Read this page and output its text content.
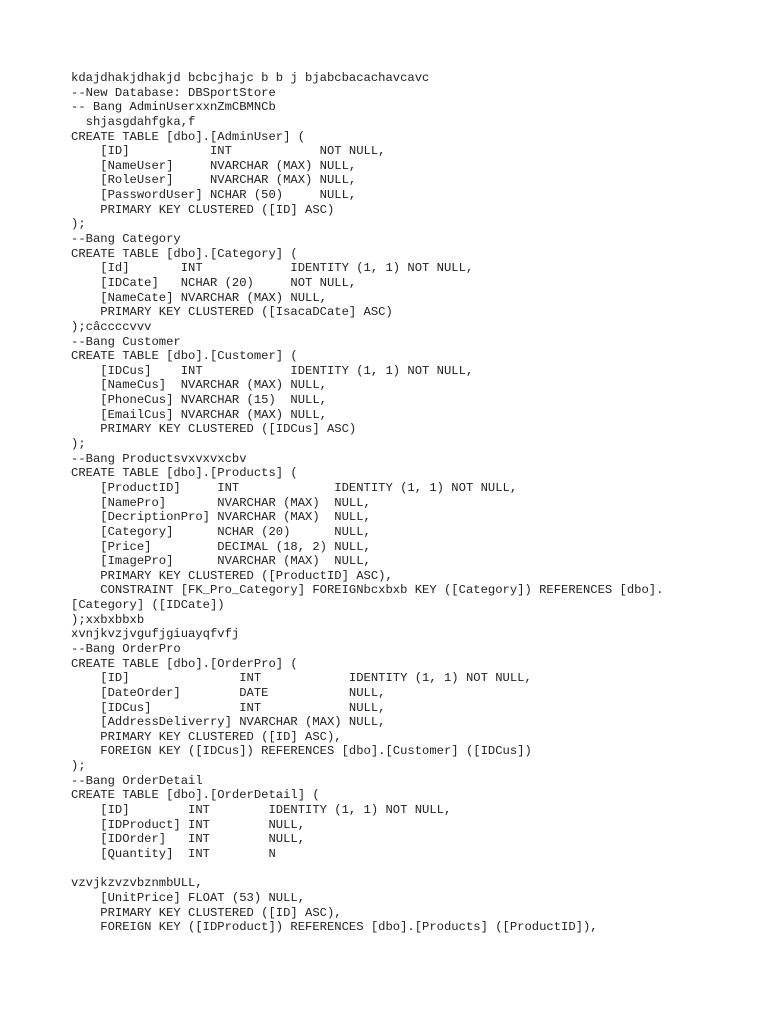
kdajdhakjdhakjd bcbcjhajc b b j bjabcbacachavcavc
--New Database: DBSportStore
-- Bang AdminUserxxnZmCBMNCb
shjasgdahfgka,f
CREATE TABLE [dbo].[AdminUser] (
[ID]           INT            NOT NULL,
[NameUser]     NVARCHAR (MAX) NULL,
[RoleUser]     NVARCHAR (MAX) NULL,
[PasswordUser] NCHAR (50)     NULL,
PRIMARY KEY CLUSTERED ([ID] ASC)
);
--Bang Category
CREATE TABLE [dbo].[Category] (
[Id]       INT            IDENTITY (1, 1) NOT NULL,
[IDCate]   NCHAR (20)     NOT NULL,
[NameCate] NVARCHAR (MAX) NULL,
PRIMARY KEY CLUSTERED ([IsacaDCate] ASC)
);câccccvvv
--Bang Customer
CREATE TABLE [dbo].[Customer] (
[IDCus]    INT            IDENTITY (1, 1) NOT NULL,
[NameCus]  NVARCHAR (MAX) NULL,
[PhoneCus] NVARCHAR (15)  NULL,
[EmailCus] NVARCHAR (MAX) NULL,
PRIMARY KEY CLUSTERED ([IDCus] ASC)
);
--Bang Productsvxvxvxcbv
CREATE TABLE [dbo].[Products] (
[ProductID]     INT             IDENTITY (1, 1) NOT NULL,
[NamePro]       NVARCHAR (MAX)  NULL,
[DecriptionPro] NVARCHAR (MAX)  NULL,
[Category]      NCHAR (20)      NULL,
[Price]         DECIMAL (18, 2) NULL,
[ImagePro]      NVARCHAR (MAX)  NULL,
PRIMARY KEY CLUSTERED ([ProductID] ASC),
CONSTRAINT [FK_Pro_Category] FOREIGNbcxbxb KEY ([Category]) REFERENCES [dbo].
[Category] ([IDCate])
);xxbxbbxb
xvnjkvzjvgufjgiuayqfvfj
--Bang OrderPro
CREATE TABLE [dbo].[OrderPro] (
[ID]               INT            IDENTITY (1, 1) NOT NULL,
[DateOrder]        DATE           NULL,
[IDCus]            INT            NULL,
[AddressDeliverry] NVARCHAR (MAX) NULL,
PRIMARY KEY CLUSTERED ([ID] ASC),
FOREIGN KEY ([IDCus]) REFERENCES [dbo].[Customer] ([IDCus])
);
--Bang OrderDetail
CREATE TABLE [dbo].[OrderDetail] (
[ID]        INT        IDENTITY (1, 1) NOT NULL,
[IDProduct] INT        NULL,
[IDOrder]   INT        NULL,
[Quantity]  INT        N
vzvjkzvzvbznmbULL,
[UnitPrice] FLOAT (53) NULL,
PRIMARY KEY CLUSTERED ([ID] ASC),
FOREIGN KEY ([IDProduct]) REFERENCES [dbo].[Products] ([ProductID]),
